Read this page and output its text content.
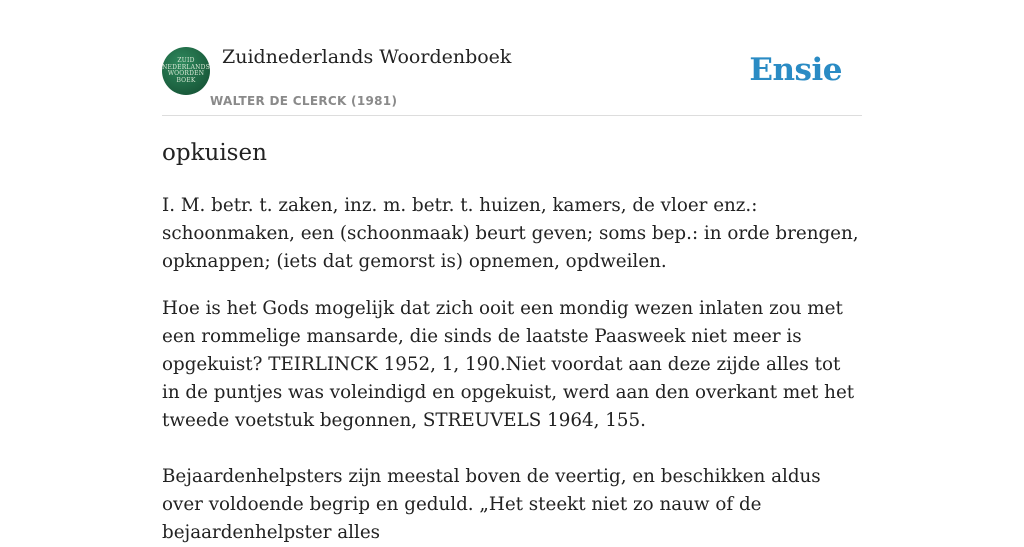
ZUID
NEDERLANDS
WOORDEN
BOEK
Zuidnederlands Woordenboek
WALTER DE CLERCK (1981)
Ensie
opkuisen

I. M. betr. t. zaken, inz. m. betr. t. huizen, kamers, de vloer enz.: schoonmaken, een (schoonmaak) beurt geven; soms bep.: in orde brengen, opknappen; (iets dat gemorst is) opnemen, opdweilen.

Hoe is het Gods mogelijk dat zich ooit een mondig wezen inlaten zou met een rommelige mansarde, die sinds de laatste Paasweek niet meer is opgekuist? TEIRLINCK 1952, 1, 190.Niet voordat aan deze zijde alles tot in de puntjes was voleindigd en opgekuist, werd aan den overkant met het tweede voetstuk begonnen, STREUVELS 1964, 155.

Bejaardenhelpsters zijn meestal boven de veertig, en beschikken aldus over voldoende begrip en geduld. „Het steekt niet zo nauw of de bejaardenhelpster alles
